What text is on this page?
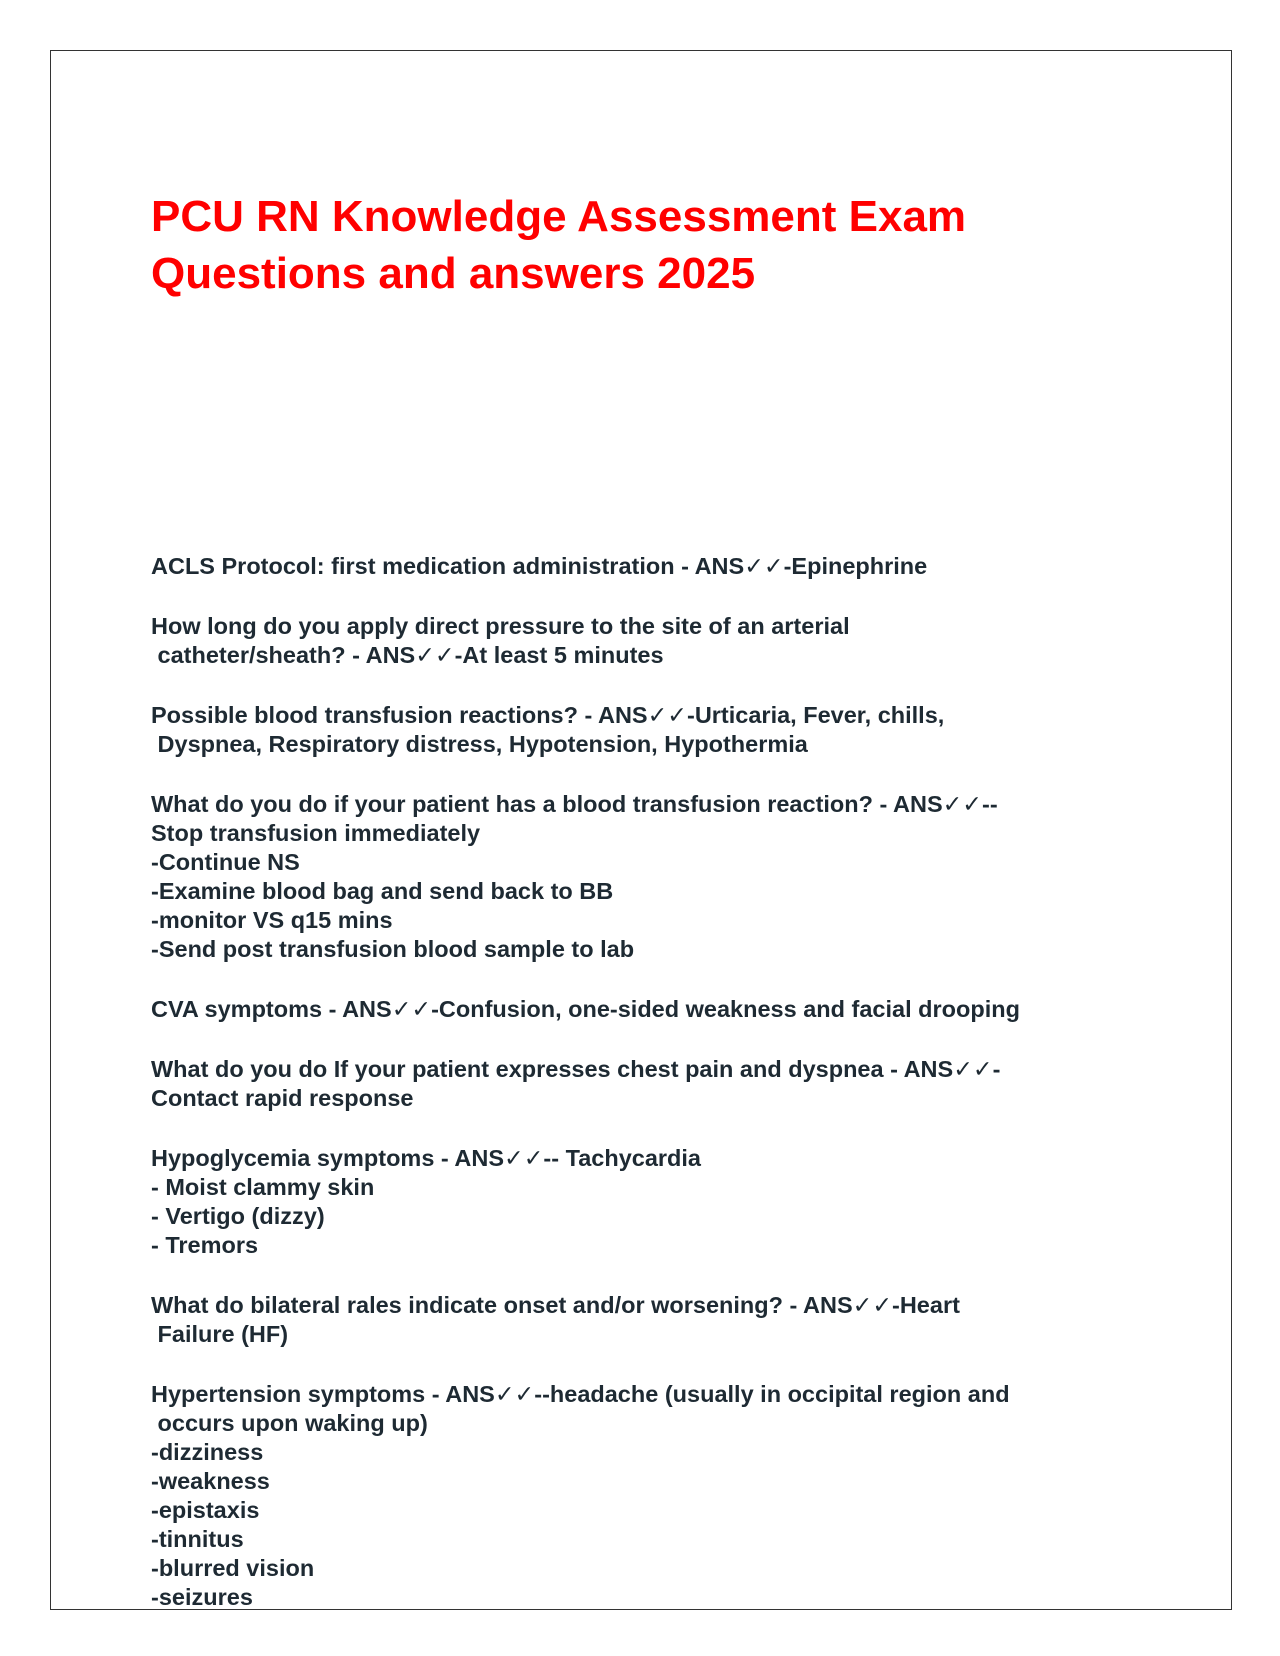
PCU RN Knowledge Assessment Exam
Questions and answers 2025

ACLS Protocol: first medication administration - ANS✓✓-Epinephrine

How long do you apply direct pressure to the site of an arterial
catheter/sheath? - ANS✓✓-At least 5 minutes

Possible blood transfusion reactions? - ANS✓✓-Urticaria, Fever, chills,
Dyspnea, Respiratory distress, Hypotension, Hypothermia

What do you do if your patient has a blood transfusion reaction? - ANS✓✓--
Stop transfusion immediately
-Continue NS
-Examine blood bag and send back to BB
-monitor VS q15 mins
-Send post transfusion blood sample to lab

CVA symptoms - ANS✓✓-Confusion, one-sided weakness and facial drooping

What do you do If your patient expresses chest pain and dyspnea - ANS✓✓-
Contact rapid response

Hypoglycemia symptoms - ANS✓✓-- Tachycardia
- Moist clammy skin
- Vertigo (dizzy)
- Tremors

What do bilateral rales indicate onset and/or worsening? - ANS✓✓-Heart
Failure (HF)

Hypertension symptoms - ANS✓✓--headache (usually in occipital region and
occurs upon waking up)
-dizziness
-weakness
-epistaxis
-tinnitus
-blurred vision
-seizures
